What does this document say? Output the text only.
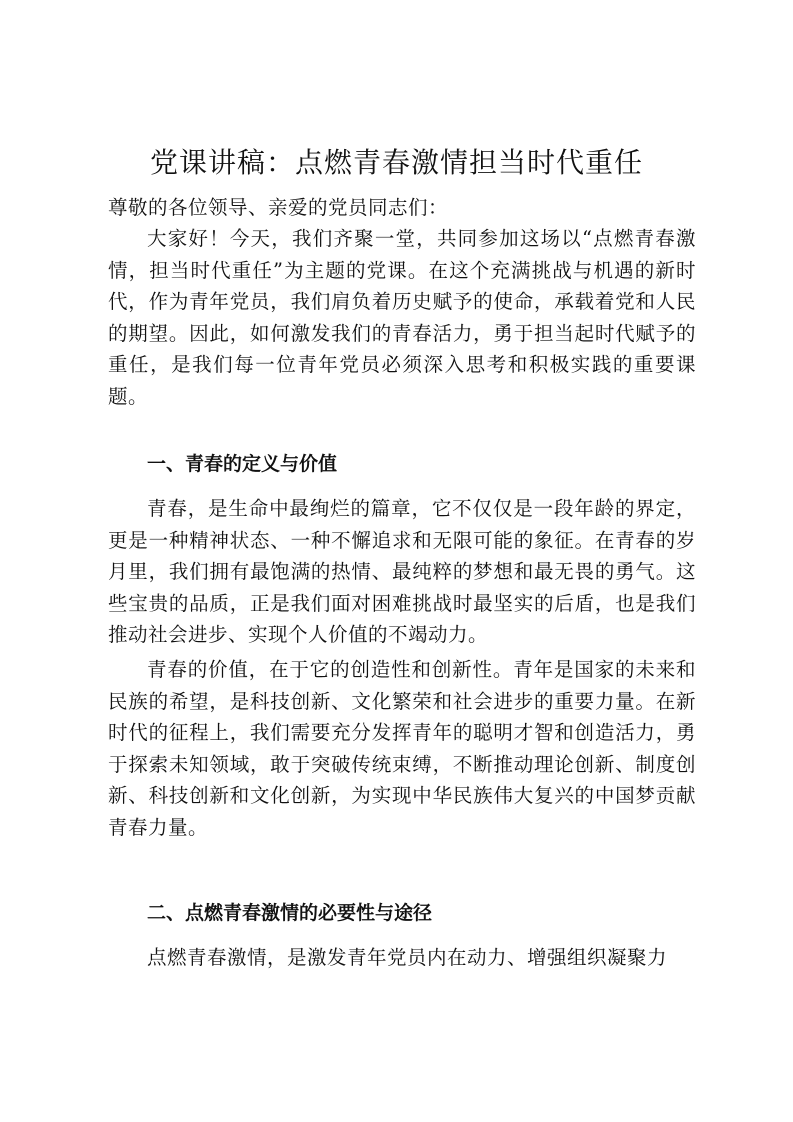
党课讲稿：点燃青春激情担当时代重任

尊敬的各位领导、亲爱的党员同志们：

大家好！今天，我们齐聚一堂，共同参加这场以“点燃青春激情，担当时代重任”为主题的党课。在这个充满挑战与机遇的新时代，作为青年党员，我们肩负着历史赋予的使命，承载着党和人民的期望。因此，如何激发我们的青春活力，勇于担当起时代赋予的重任，是我们每一位青年党员必须深入思考和积极实践的重要课题。

一、青春的定义与价值

青春，是生命中最绚烂的篇章，它不仅仅是一段年龄的界定，更是一种精神状态、一种不懈追求和无限可能的象征。在青春的岁月里，我们拥有最饱满的热情、最纯粹的梦想和最无畏的勇气。这些宝贵的品质，正是我们面对困难挑战时最坚实的后盾，也是我们推动社会进步、实现个人价值的不竭动力。

青春的价值，在于它的创造性和创新性。青年是国家的未来和民族的希望，是科技创新、文化繁荣和社会进步的重要力量。在新时代的征程上，我们需要充分发挥青年的聪明才智和创造活力，勇于探索未知领域，敢于突破传统束缚，不断推动理论创新、制度创新、科技创新和文化创新，为实现中华民族伟大复兴的中国梦贡献青春力量。

二、点燃青春激情的必要性与途径

点燃青春激情，是激发青年党员内在动力、增强组织凝聚力
